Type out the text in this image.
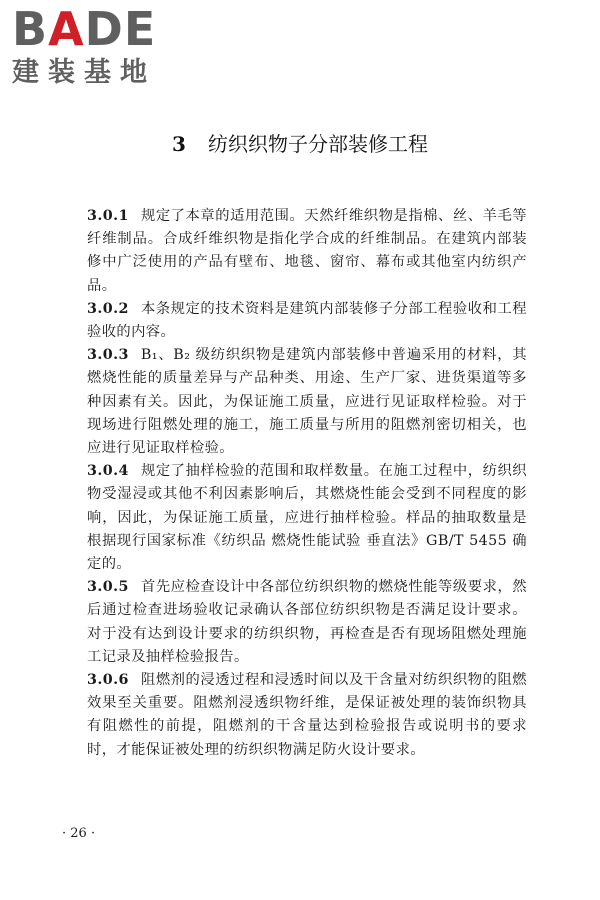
BADE
建装基地
3 纺织织物子分部装修工程

3.0.1 规定了本章的适用范围。天然纤维织物是指棉、丝、羊毛等纤维制品。合成纤维织物是指化学合成的纤维制品。在建筑内部装修中广泛使用的产品有壁布、地毯、窗帘、幕布或其他室内纺织产品。

3.0.2 本条规定的技术资料是建筑内部装修子分部工程验收和工程验收的内容。

3.0.3 B₁、B₂ 级纺织织物是建筑内部装修中普遍采用的材料，其燃烧性能的质量差异与产品种类、用途、生产厂家、进货渠道等多种因素有关。因此，为保证施工质量，应进行见证取样检验。对于现场进行阻燃处理的施工，施工质量与所用的阻燃剂密切相关，也应进行见证取样检验。

3.0.4 规定了抽样检验的范围和取样数量。在施工过程中，纺织织物受湿浸或其他不利因素影响后，其燃烧性能会受到不同程度的影响，因此，为保证施工质量，应进行抽样检验。样品的抽取数量是根据现行国家标准《纺织品 燃烧性能试验 垂直法》GB/T 5455 确定的。

3.0.5 首先应检查设计中各部位纺织织物的燃烧性能等级要求，然后通过检查进场验收记录确认各部位纺织织物是否满足设计要求。对于没有达到设计要求的纺织织物，再检查是否有现场阻燃处理施工记录及抽样检验报告。

3.0.6 阻燃剂的浸透过程和浸透时间以及干含量对纺织织物的阻燃效果至关重要。阻燃剂浸透织物纤维，是保证被处理的装饰织物具有阻燃性的前提，阻燃剂的干含量达到检验报告或说明书的要求时，才能保证被处理的纺织织物满足防火设计要求。

· 26 ·
